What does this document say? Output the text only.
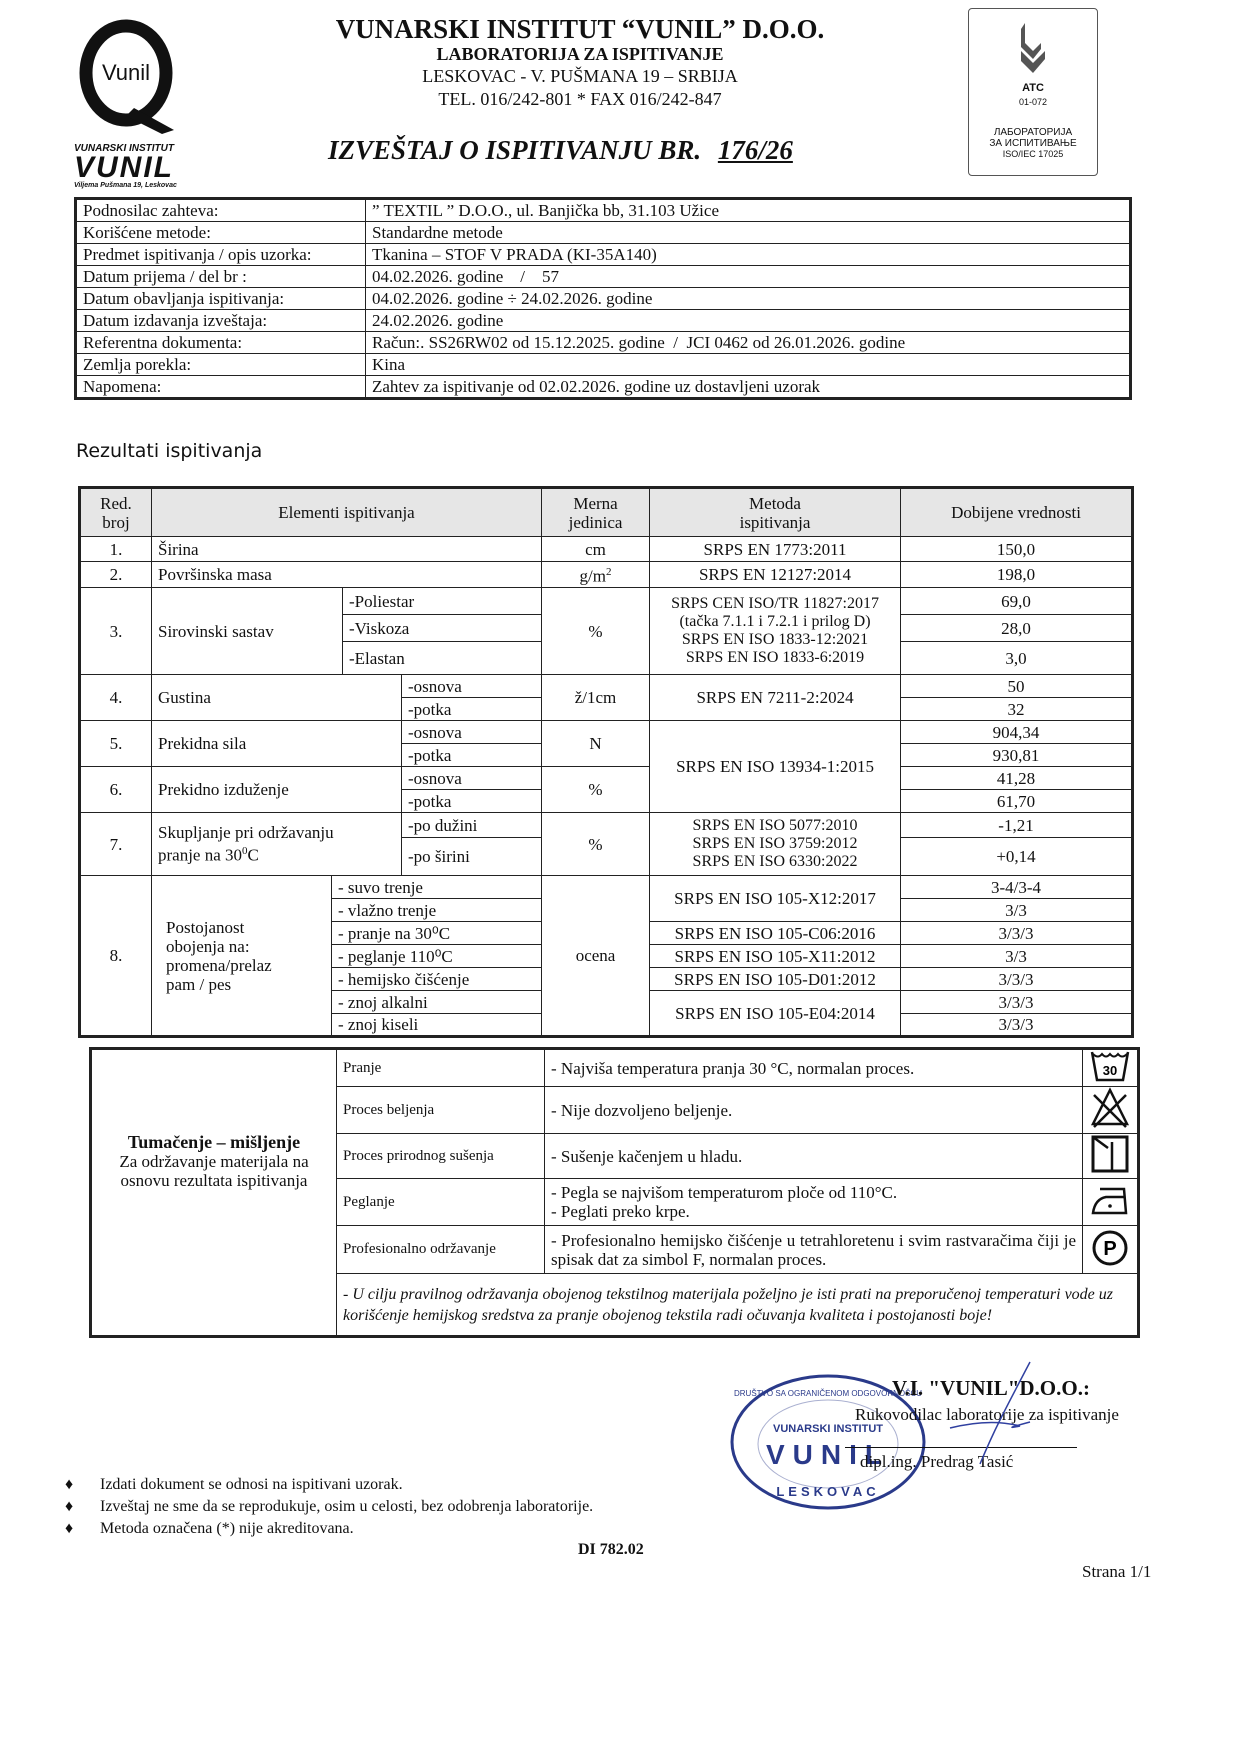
Vunil
VUNARSKI INSTITUT
VUNIL
Viljema Pušmana 19, Leskovac
VUNARSKI INSTITUT “VUNIL” D.O.O.
LABORATORIJA ZA ISPITIVANJE
LESKOVAC - V. PUŠMANA 19 – SRBIJA
TEL. 016/242-801 * FAX 016/242-847
IZVEŠTAJ O ISPITIVANJU BR. 176/26
ATC
01-072
ЛАБОРАТОРИЈА
ЗА ИСПИТИВАЊЕ
ISO/IEC 17025
Podnosilac zahteva:	” TEXTIL ” D.O.O., ul. Banjička bb, 31.103 Užice
Korišćene metode:	Standardne metode
Predmet ispitivanja / opis uzorka:	Tkanina – STOF V PRADA (KI-35A140)
Datum prijema / del br :	04.02.2026. godine    /    57
Datum obavljanja ispitivanja:	04.02.2026. godine ÷ 24.02.2026. godine
Datum izdavanja izveštaja:	24.02.2026. godine
Referentna dokumenta:	Račun:. SS26RW02 od 15.12.2025. godine  /  JCI 0462 od 26.01.2026. godine
Zemlja porekla:	Kina
Napomena:	Zahtev za ispitivanje od 02.02.2026. godine uz dostavljeni uzorak
Rezultati ispitivanja
Red.
broj	Elementi ispitivanja				Merna
jedinica	Metoda
ispitivanja	Dobijene vrednosti
1.	Širina				cm	SRPS EN 1773:2011	150,0
2.	Površinska masa				$g/m^2$	SRPS EN 12127:2014	198,0
3.	Sirovinski sastav		-Poliestar		%	SRPS CEN ISO/TR 11827:2017
(tačka 7.1.1 i 7.2.1 i prilog D)
SRPS EN ISO 1833-12:2021
SRPS EN ISO 1833-6:2019	69,0
			-Viskoza				28,0
			-Elastan				3,0
4.	Gustina			-osnova	ž/1cm	SRPS EN 7211-2:2024	50
				-potka			32
5.	Prekidna sila			-osnova	N	SRPS EN ISO 13934-1:2015	904,34
				-potka			930,81
6.	Prekidno izduženje			-osnova	%		41,28
				-potka			61,70
7.	Skupljanje pri održavanju
pranje na $30^0C$			-po dužini	%	SRPS EN ISO 5077:2010
SRPS EN ISO 3759:2012
SRPS EN ISO 6330:2022	-1,21
				-po širini			+0,14
8.	Postojanost
obojenja na:
promena/prelaz
pam / pes	- suvo trenje			ocena	SRPS EN ISO 105-X12:2017	3-4/3-4
		- vlažno trenje					3/3
		- pranje na 30⁰C				SRPS EN ISO 105-C06:2016	3/3/3
		- peglanje 110⁰C				SRPS EN ISO 105-X11:2012	3/3
		- hemijsko čišćenje				SRPS EN ISO 105-D01:2012	3/3/3
		- znoj alkalni				SRPS EN ISO 105-E04:2014	3/3/3
		- znoj kiseli					3/3/3
Tumačenje – mišljenje
Za održavanje materijala na osnovu rezultata ispitivanja	Pranje	- Najviša temperatura pranja 30 °C, normalan proces.	30

	Proces beljenja	- Nije dozvoljeno beljenje.	
	Proces prirodnog sušenja	- Sušenje kačenjem u hladu.	
	Peglanje	- Pegla se najvišom temperaturom ploče od 110°C.
- Peglati preko krpe.

	Profesionalno održavanje	- Profesionalno hemijsko čišćenje u tetrahloretenu i svim rastvaračima čiji je spisak dat za simbol F, normalan proces.	P

	- U cilju pravilnog održavanja obojenog tekstilnog materijala poželjno je isti prati na preporučenoj temperaturi vode uz korišćenje hemijskog sredstva za pranje obojenog tekstila radi očuvanja kvaliteta i postojanosti boje!		
VUNARSKI INSTITUT
VUNIL
LESKOVAC
DRUŠTVO SA OGRANIČENOM ODGOVORNOŠĆU
V.I. "VUNIL"D.O.O.:
Rukovodilac laboratorije za ispitivanje
dipl.ing. Predrag Tasić
♦ Izdati dokument se odnosi na ispitivani uzorak.
♦ Izveštaj ne sme da se reprodukuje, osim u celosti, bez odobrenja laboratorije.
♦ Metoda označena (*) nije akreditovana.
DI 782.02
Strana 1/1
